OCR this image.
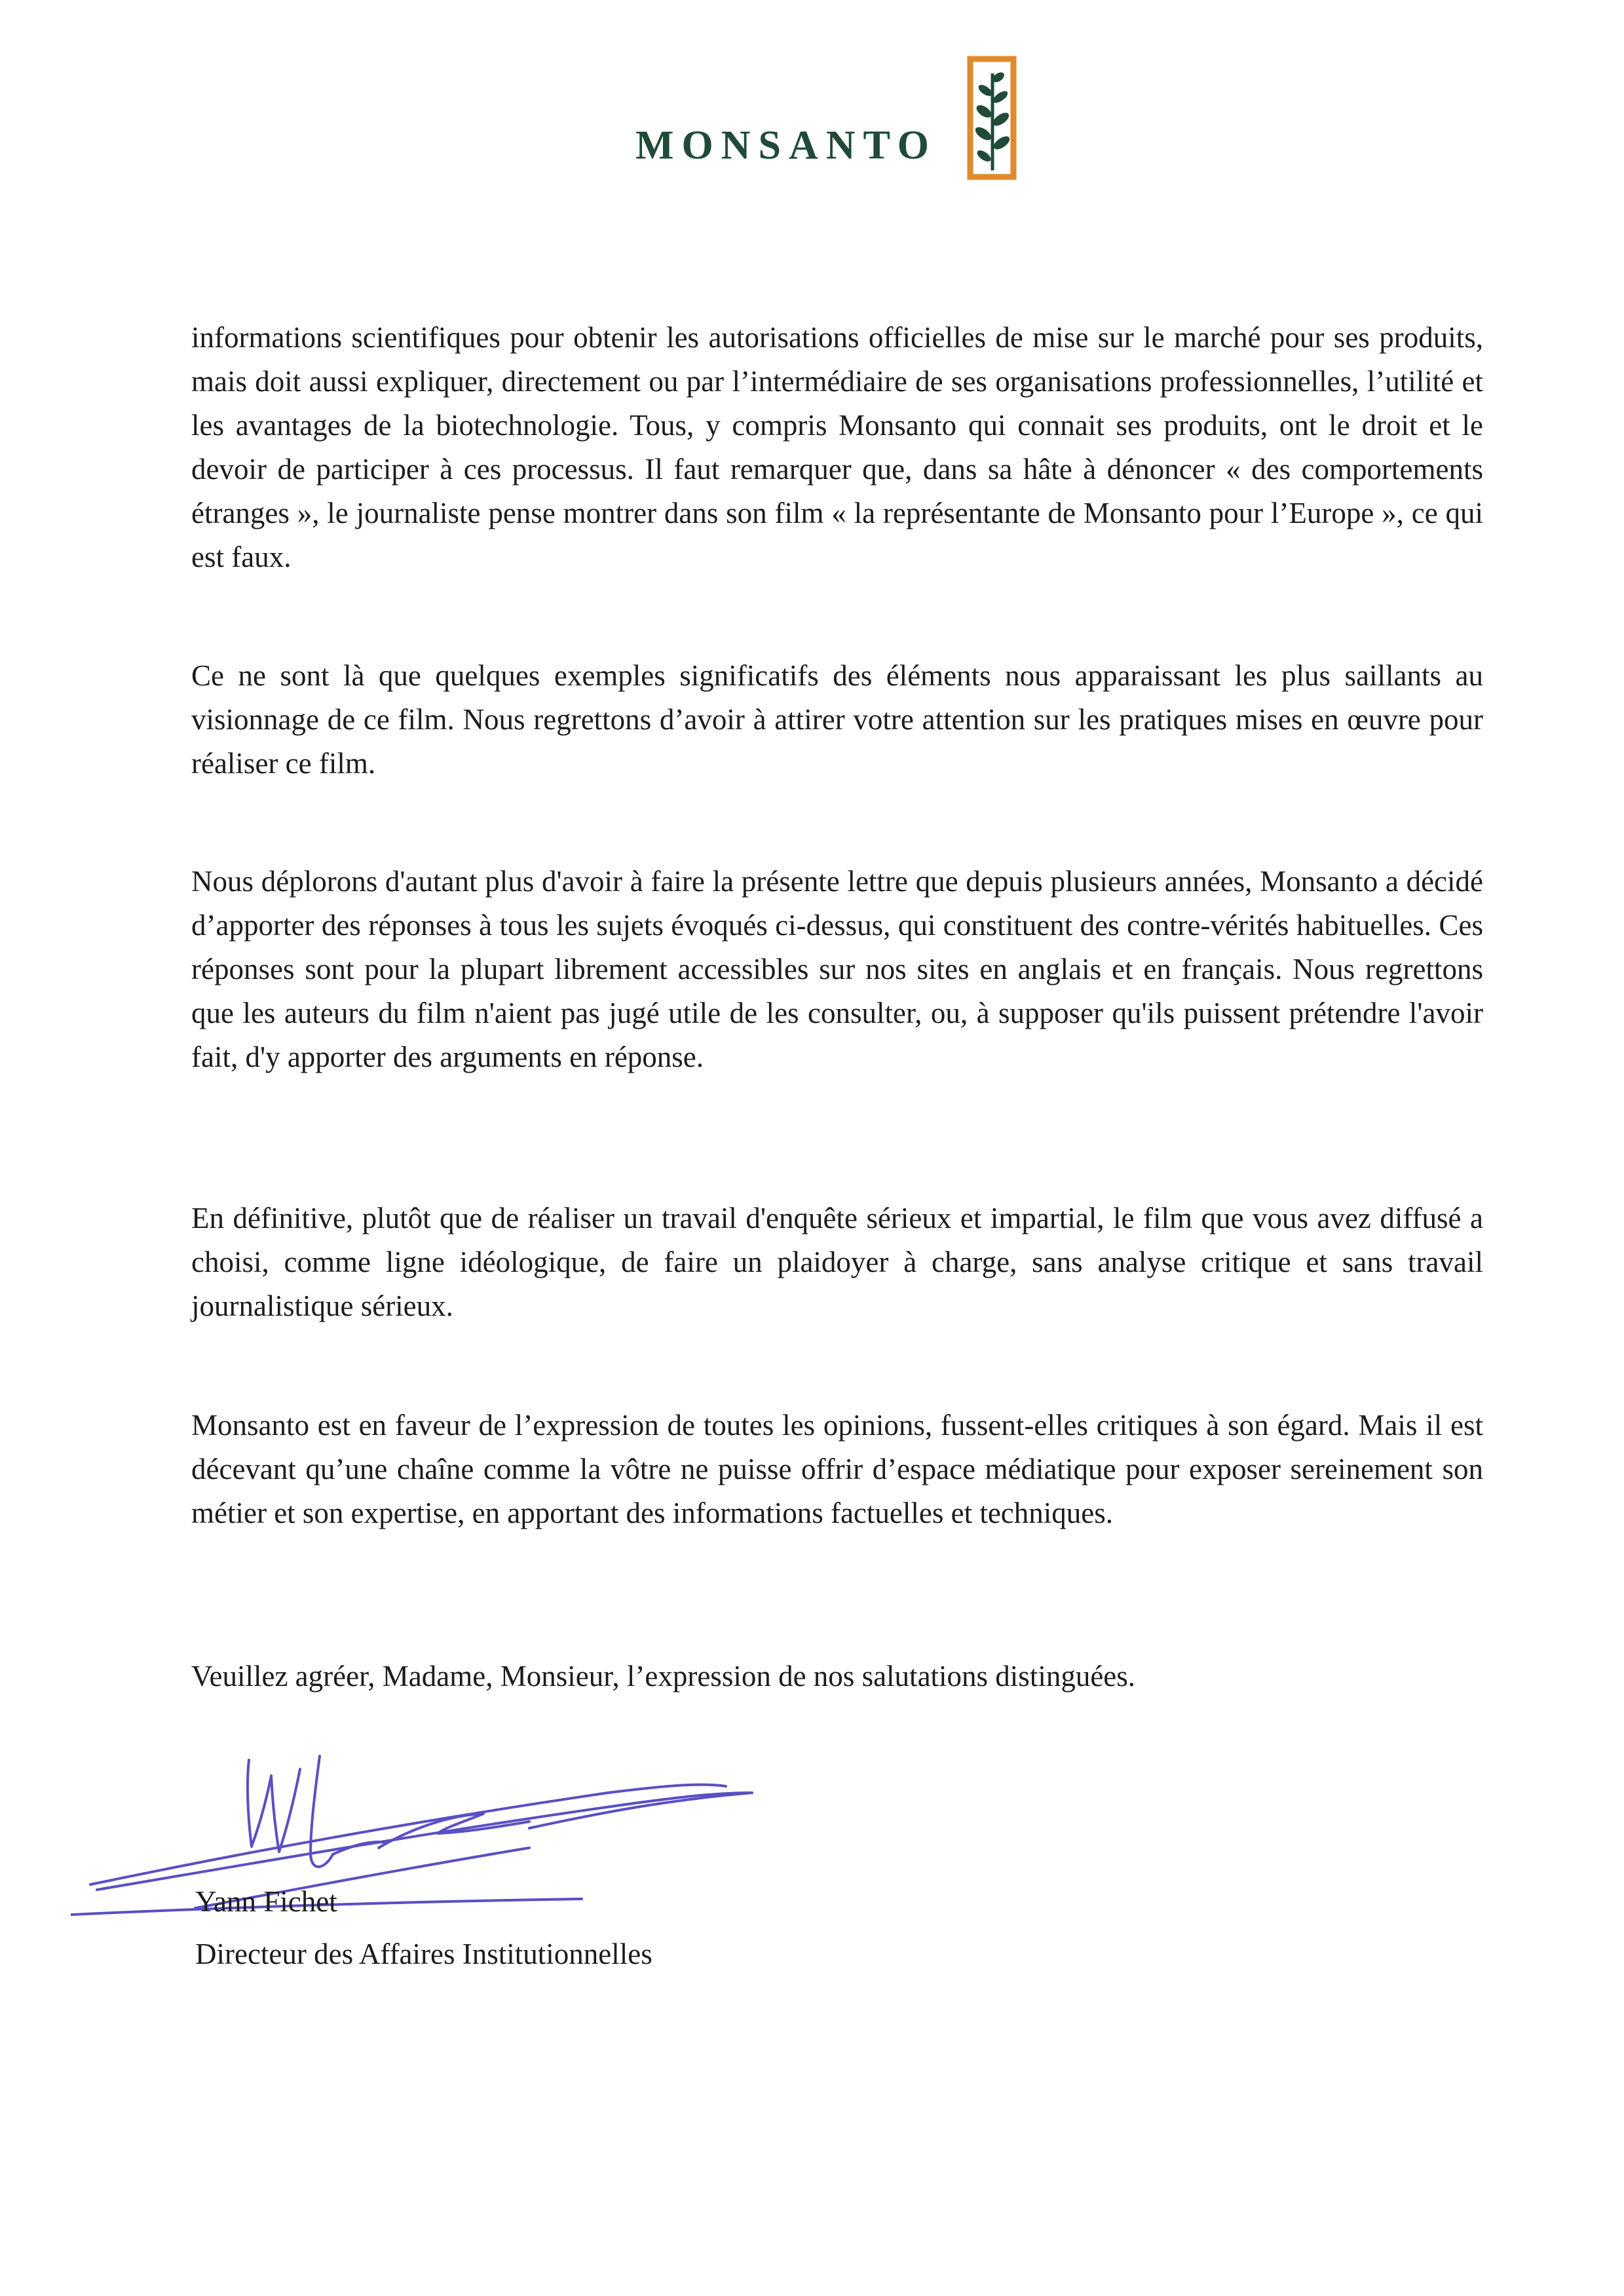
MONSANTO

informations scientifiques pour obtenir les autorisations officielles de mise sur le marché pour ses produits, mais doit aussi expliquer, directement ou par l’intermédiaire de ses organisations professionnelles, l’utilité et les avantages de la biotechnologie. Tous, y compris Monsanto qui connait ses produits, ont le droit et le devoir de participer à ces processus. Il faut remarquer que, dans sa hâte à dénoncer « des comportements étranges », le journaliste pense montrer dans son film « la représentante de Monsanto pour l’Europe », ce qui est faux.

Ce ne sont là que quelques exemples significatifs des éléments nous apparaissant les plus saillants au visionnage de ce film. Nous regrettons d’avoir à attirer votre attention sur les pratiques mises en œuvre pour réaliser ce film.

Nous déplorons d'autant plus d'avoir à faire la présente lettre que depuis plusieurs années, Monsanto a décidé d’apporter des réponses à tous les sujets évoqués ci-dessus, qui constituent des contre-vérités habituelles. Ces réponses sont pour la plupart librement accessibles sur nos sites en anglais et en français. Nous regrettons que les auteurs du film n'aient pas jugé utile de les consulter, ou, à supposer qu'ils puissent prétendre l'avoir fait, d'y apporter des arguments en réponse.

En définitive, plutôt que de réaliser un travail d'enquête sérieux et impartial, le film que vous avez diffusé a choisi, comme ligne idéologique, de faire un plaidoyer à charge, sans analyse critique et sans travail journalistique sérieux.

Monsanto est en faveur de l’expression de toutes les opinions, fussent-elles critiques à son égard. Mais il est décevant qu’une chaîne comme la vôtre ne puisse offrir d’espace médiatique pour exposer sereinement son métier et son expertise, en apportant des informations factuelles et techniques.

Veuillez agréer, Madame, Monsieur, l’expression de nos salutations distinguées.

Yann Fichet
Directeur des Affaires Institutionnelles
